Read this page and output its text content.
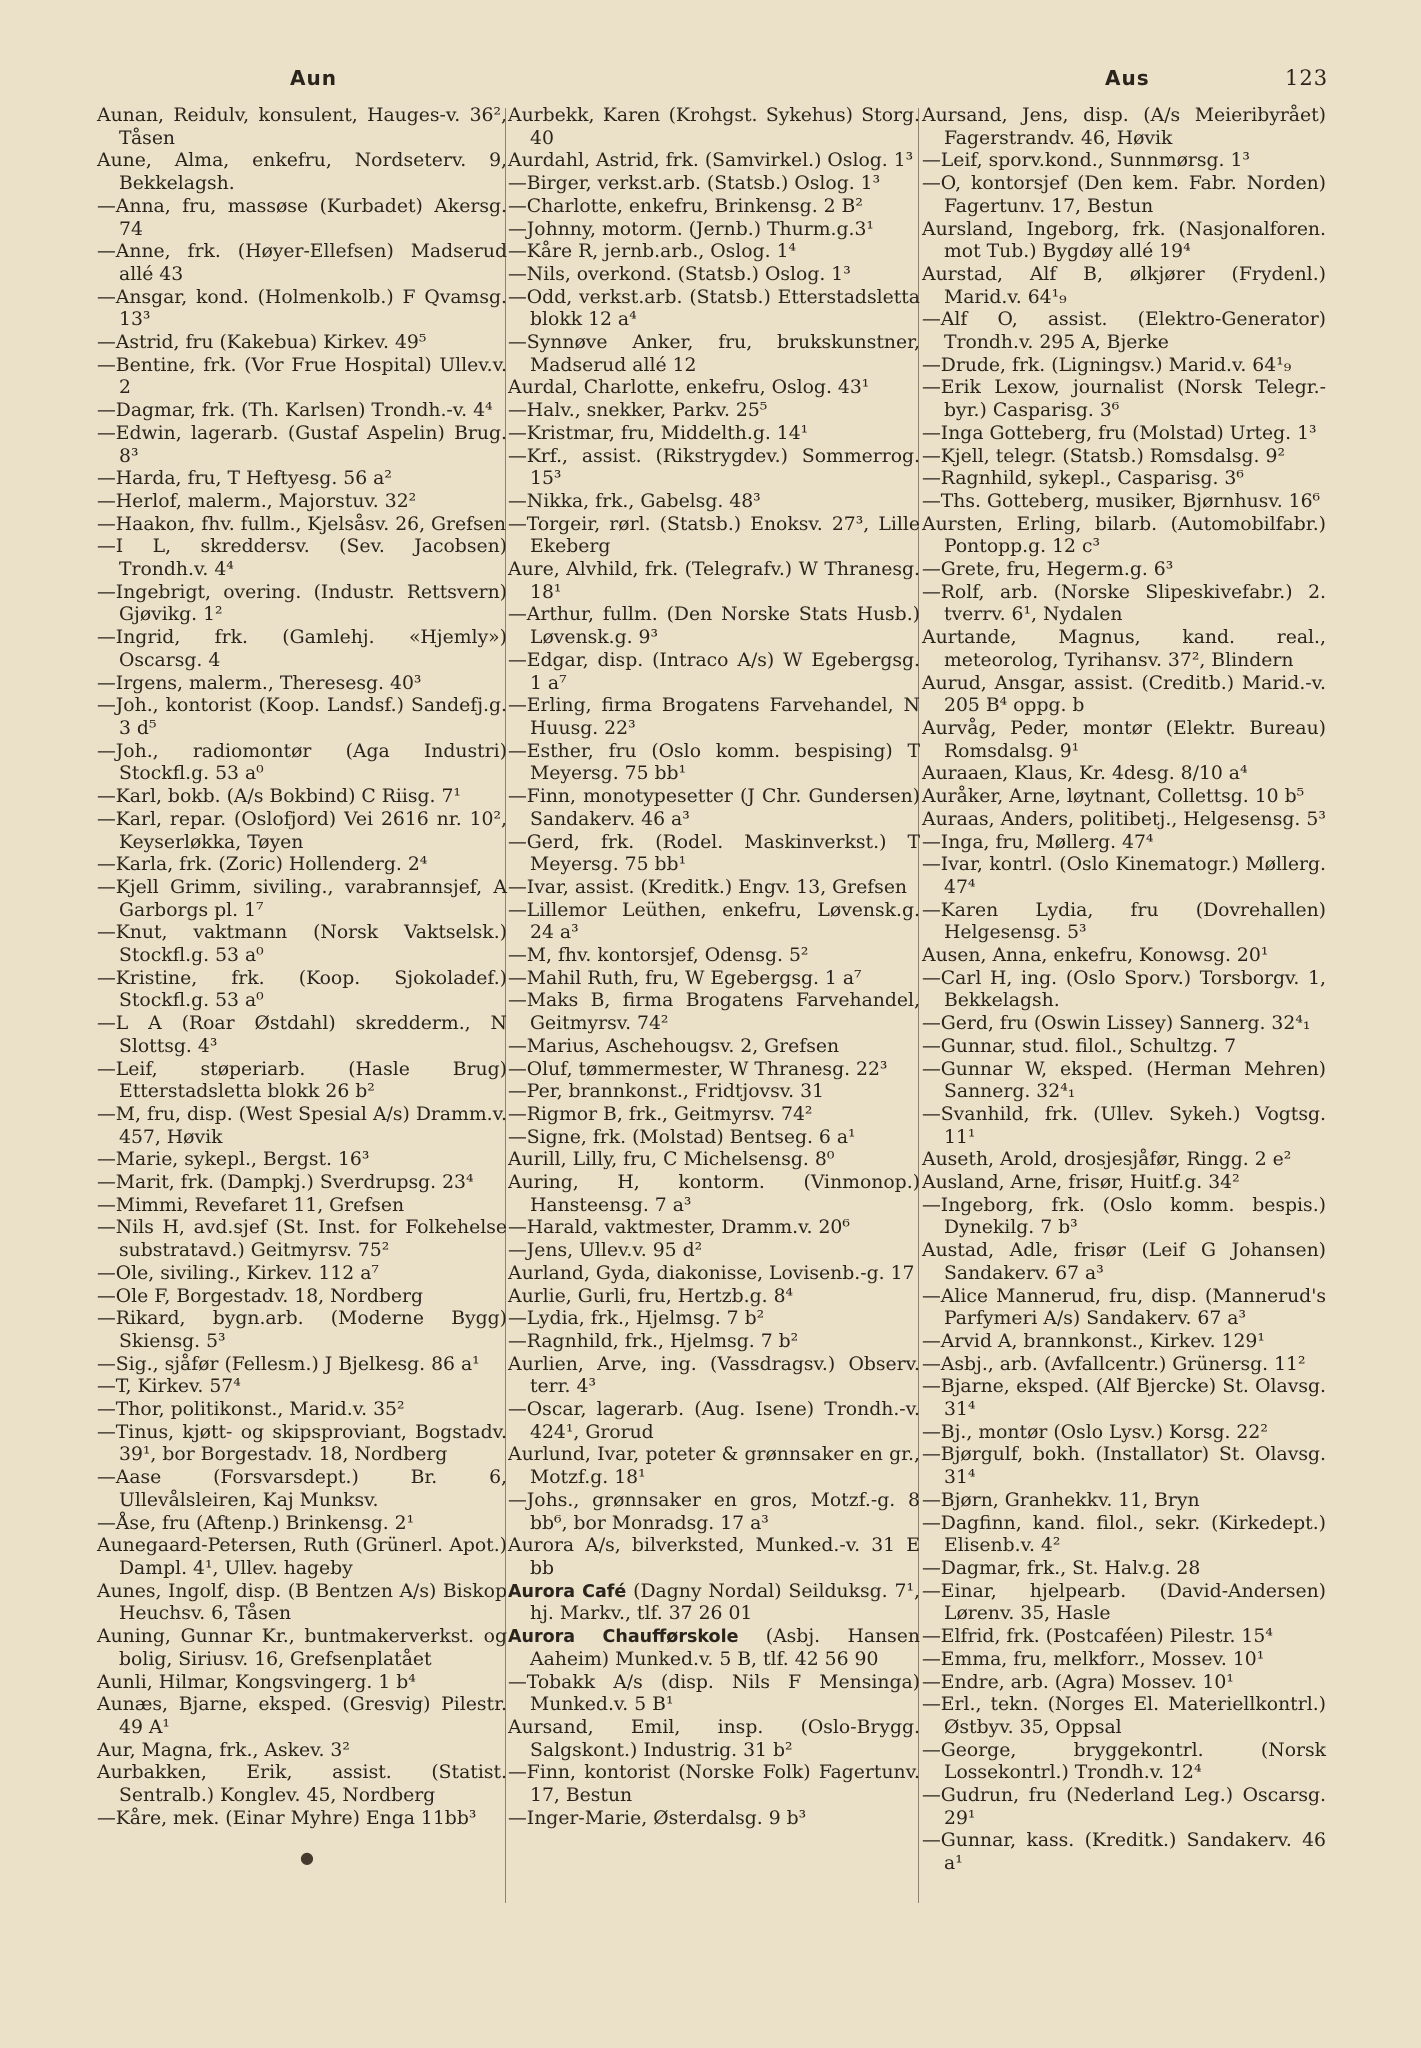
Aun	Aus	123

Aunan, Reidulv, konsulent, Hauges-v. 36², Tåsen

Aune, Alma, enkefru, Nordseterv. 9, Bekkelagsh.

—Anna, fru, massøse (Kurbadet) Akersg. 74

—Anne, frk. (Høyer-Ellefsen) Madserud allé 43

—Ansgar, kond. (Holmenkolb.) F Qvamsg. 13³

—Astrid, fru (Kakebua) Kirkev. 49⁵

—Bentine, frk. (Vor Frue Hospital) Ullev.v. 2

—Dagmar, frk. (Th. Karlsen) Trondh.-v. 4⁴

—Edwin, lagerarb. (Gustaf Aspelin) Brug. 8³

—Harda, fru, T Heftyesg. 56 a²

—Herlof, malerm., Majorstuv. 32²

—Haakon, fhv. fullm., Kjelsåsv. 26, Grefsen

—I L, skreddersv. (Sev. Jacobsen) Trondh.v. 4⁴

—Ingebrigt, overing. (Industr. Rettsvern) Gjøvikg. 1²

—Ingrid, frk. (Gamlehj. «Hjemly») Oscarsg. 4

—Irgens, malerm., Theresesg. 40³

—Joh., kontorist (Koop. Landsf.) Sandefj.g. 3 d⁵

—Joh., radiomontør (Aga Industri) Stockfl.g. 53 a⁰

—Karl, bokb. (A/s Bokbind) C Riisg. 7¹

—Karl, repar. (Oslofjord) Vei 2616 nr. 10², Keyserløkka, Tøyen

—Karla, frk. (Zoric) Hollenderg. 2⁴

—Kjell Grimm, siviling., varabrannsjef, A Garborgs pl. 1⁷

—Knut, vaktmann (Norsk Vaktselsk.) Stockfl.g. 53 a⁰

—Kristine, frk. (Koop. Sjokoladef.) Stockfl.g. 53 a⁰

—L A (Roar Østdahl) skredderm., N Slottsg. 4³

—Leif, støperiarb. (Hasle Brug) Etterstadsletta blokk 26 b²

—M, fru, disp. (West Spesial A/s) Dramm.v. 457, Høvik

—Marie, sykepl., Bergst. 16³

—Marit, frk. (Dampkj.) Sverdrupsg. 23⁴

—Mimmi, Revefaret 11, Grefsen

—Nils H, avd.sjef (St. Inst. for Folkehelse substratavd.) Geitmyrsv. 75²

—Ole, siviling., Kirkev. 112 a⁷

—Ole F, Borgestadv. 18, Nordberg

—Rikard, bygn.arb. (Moderne Bygg) Skiensg. 5³

—Sig., sjåfør (Fellesm.) J Bjelkesg. 86 a¹

—T, Kirkev. 57⁴

—Thor, politikonst., Marid.v. 35²

—Tinus, kjøtt- og skipsproviant, Bogstadv. 39¹, bor Borgestadv. 18, Nordberg

—Aase (Forsvarsdept.) Br. 6, Ullevålsleiren, Kaj Munksv.

—Åse, fru (Aftenp.) Brinkensg. 2¹

Aunegaard-Petersen, Ruth (Grünerl. Apot.) Dampl. 4¹, Ullev. hageby

Aunes, Ingolf, disp. (B Bentzen A/s) Biskop Heuchsv. 6, Tåsen

Auning, Gunnar Kr., buntmakerverkst. og bolig, Siriusv. 16, Grefsenplatået

Aunli, Hilmar, Kongsvingerg. 1 b⁴

Aunæs, Bjarne, eksped. (Gresvig) Pilestr. 49 A¹

Aur, Magna, frk., Askev. 3²

Aurbakken, Erik, assist. (Statist. Sentralb.) Konglev. 45, Nordberg

—Kåre, mek. (Einar Myhre) Enga 11bb³

Aurbekk, Karen (Krohgst. Sykehus) Storg. 40

Aurdahl, Astrid, frk. (Samvirkel.) Oslog. 1³

—Birger, verkst.arb. (Statsb.) Oslog. 1³

—Charlotte, enkefru, Brinkensg. 2 B²

—Johnny, motorm. (Jernb.) Thurm.g.3¹

—Kåre R, jernb.arb., Oslog. 1⁴

—Nils, overkond. (Statsb.) Oslog. 1³

—Odd, verkst.arb. (Statsb.) Etterstadsletta blokk 12 a⁴

—Synnøve Anker, fru, brukskunstner, Madserud allé 12

Aurdal, Charlotte, enkefru, Oslog. 43¹

—Halv., snekker, Parkv. 25⁵

—Kristmar, fru, Middelth.g. 14¹

—Krf., assist. (Rikstrygdev.) Sommerrog. 15³

—Nikka, frk., Gabelsg. 48³

—Torgeir, rørl. (Statsb.) Enoksv. 27³, Lille Ekeberg

Aure, Alvhild, frk. (Telegrafv.) W Thranesg. 18¹

—Arthur, fullm. (Den Norske Stats Husb.) Løvensk.g. 9³

—Edgar, disp. (Intraco A/s) W Egebergsg. 1 a⁷

—Erling, firma Brogatens Farvehandel, N Huusg. 22³

—Esther, fru (Oslo komm. bespising) T Meyersg. 75 bb¹

—Finn, monotypesetter (J Chr. Gundersen) Sandakerv. 46 a³

—Gerd, frk. (Rodel. Maskinverkst.) T Meyersg. 75 bb¹

—Ivar, assist. (Kreditk.) Engv. 13, Grefsen

—Lillemor Leüthen, enkefru, Løvensk.g. 24 a³

—M, fhv. kontorsjef, Odensg. 5²

—Mahil Ruth, fru, W Egebergsg. 1 a⁷

—Maks B, firma Brogatens Farvehandel, Geitmyrsv. 74²

—Marius, Aschehougsv. 2, Grefsen

—Oluf, tømmermester, W Thranesg. 22³

—Per, brannkonst., Fridtjovsv. 31

—Rigmor B, frk., Geitmyrsv. 74²

—Signe, frk. (Molstad) Bentseg. 6 a¹

Aurill, Lilly, fru, C Michelsensg. 8⁰

Auring, H, kontorm. (Vinmonop.) Hansteensg. 7 a³

—Harald, vaktmester, Dramm.v. 20⁶

—Jens, Ullev.v. 95 d²

Aurland, Gyda, diakonisse, Lovisenb.-g. 17

Aurlie, Gurli, fru, Hertzb.g. 8⁴

—Lydia, frk., Hjelmsg. 7 b²

—Ragnhild, frk., Hjelmsg. 7 b²

Aurlien, Arve, ing. (Vassdragsv.) Observ. terr. 4³

—Oscar, lagerarb. (Aug. Isene) Trondh.-v. 424¹, Grorud

Aurlund, Ivar, poteter & grønnsaker en gr., Motzf.g. 18¹

—Johs., grønnsaker en gros, Motzf.-g. 8 bb⁶, bor Monradsg. 17 a³

Aurora A/s, bilverksted, Munked.-v. 31 E bb

Aurora Café (Dagny Nordal) Seilduksg. 7¹, hj. Markv., tlf. 37 26 01

Aurora Chaufførskole (Asbj. Hansen Aaheim) Munked.v. 5 B, tlf. 42 56 90

—Tobakk A/s (disp. Nils F Mensinga) Munked.v. 5 B¹

Aursand, Emil, insp. (Oslo-Brygg. Salgskont.) Industrig. 31 b²

—Finn, kontorist (Norske Folk) Fagertunv. 17, Bestun

—Inger-Marie, Østerdalsg. 9 b³

Aursand, Jens, disp. (A/s Meieribyrået) Fagerstrandv. 46, Høvik

—Leif, sporv.kond., Sunnmørsg. 1³

—O, kontorsjef (Den kem. Fabr. Norden) Fagertunv. 17, Bestun

Aursland, Ingeborg, frk. (Nasjonalforen. mot Tub.) Bygdøy allé 19⁴

Aurstad, Alf B, ølkjører (Frydenl.) Marid.v. 64¹₉

—Alf O, assist. (Elektro-Generator) Trondh.v. 295 A, Bjerke

—Drude, frk. (Ligningsv.) Marid.v. 64¹₉

—Erik Lexow, journalist (Norsk Telegr.-byr.) Casparisg. 3⁶

—Inga Gotteberg, fru (Molstad) Urteg. 1³

—Kjell, telegr. (Statsb.) Romsdalsg. 9²

—Ragnhild, sykepl., Casparisg. 3⁶

—Ths. Gotteberg, musiker, Bjørnhusv. 16⁶

Aursten, Erling, bilarb. (Automobilfabr.) Pontopp.g. 12 c³

—Grete, fru, Hegerm.g. 6³

—Rolf, arb. (Norske Slipeskivefabr.) 2. tverrv. 6¹, Nydalen

Aurtande, Magnus, kand. real., meteorolog, Tyrihansv. 37², Blindern

Aurud, Ansgar, assist. (Creditb.) Marid.-v. 205 B⁴ oppg. b

Aurvåg, Peder, montør (Elektr. Bureau) Romsdalsg. 9¹

Auraaen, Klaus, Kr. 4desg. 8/10 a⁴

Auråker, Arne, løytnant, Collettsg. 10 b⁵

Auraas, Anders, politibetj., Helgesensg. 5³

—Inga, fru, Møllerg. 47⁴

—Ivar, kontrl. (Oslo Kinematogr.) Møllerg. 47⁴

—Karen Lydia, fru (Dovrehallen) Helgesensg. 5³

Ausen, Anna, enkefru, Konowsg. 20¹

—Carl H, ing. (Oslo Sporv.) Torsborgv. 1, Bekkelagsh.

—Gerd, fru (Oswin Lissey) Sannerg. 32⁴₁

—Gunnar, stud. filol., Schultzg. 7

—Gunnar W, eksped. (Herman Mehren) Sannerg. 32⁴₁

—Svanhild, frk. (Ullev. Sykeh.) Vogtsg. 11¹

Auseth, Arold, drosjesjåfør, Ringg. 2 e²

Ausland, Arne, frisør, Huitf.g. 34²

—Ingeborg, frk. (Oslo komm. bespis.) Dynekilg. 7 b³

Austad, Adle, frisør (Leif G Johansen) Sandakerv. 67 a³

—Alice Mannerud, fru, disp. (Mannerud's Parfymeri A/s) Sandakerv. 67 a³

—Arvid A, brannkonst., Kirkev. 129¹

—Asbj., arb. (Avfallcentr.) Grünersg. 11²

—Bjarne, eksped. (Alf Bjercke) St. Olavsg. 31⁴

—Bj., montør (Oslo Lysv.) Korsg. 22²

—Bjørgulf, bokh. (Installator) St. Olavsg. 31⁴

—Bjørn, Granhekkv. 11, Bryn

—Dagfinn, kand. filol., sekr. (Kirkedept.) Elisenb.v. 4²

—Dagmar, frk., St. Halv.g. 28

—Einar, hjelpearb. (David-Andersen) Lørenv. 35, Hasle

—Elfrid, frk. (Postcaféen) Pilestr. 15⁴

—Emma, fru, melkforr., Mossev. 10¹

—Endre, arb. (Agra) Mossev. 10¹

—Erl., tekn. (Norges El. Materiellkontrl.) Østbyv. 35, Oppsal

—George, bryggekontrl. (Norsk Lossekontrl.) Trondh.v. 12⁴

—Gudrun, fru (Nederland Leg.) Oscarsg. 29¹

—Gunnar, kass. (Kreditk.) Sandakerv. 46 a¹

●
